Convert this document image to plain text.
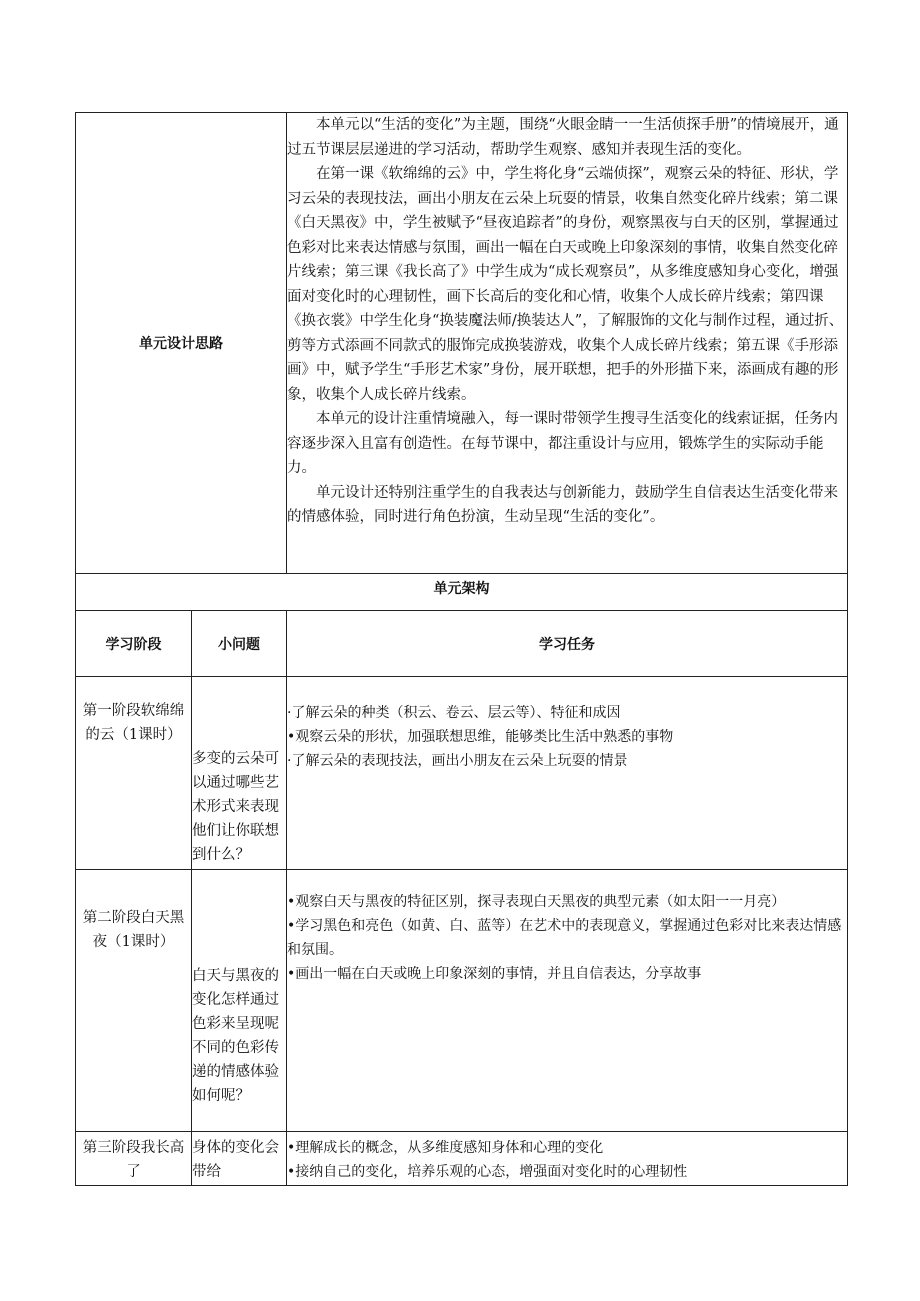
单元设计思路		本单元以“生活的变化”为主题，围绕“火眼金睛一一生活侦探手册”的情境展开，通过五节课层层递进的学习活动，帮助学生观察、感知并表现生活的变化。

在第一课《软绵绵的云》中，学生将化身“云端侦探”，观察云朵的特征、形状，学习云朵的表现技法，画出小朋友在云朵上玩耍的情景，收集自然变化碎片线索；第二课《白天黑夜》中，学生被赋予“昼夜追踪者”的身份，观察黑夜与白天的区别，掌握通过色彩对比来表达情感与氛围，画出一幅在白天或晚上印象深刻的事情，收集自然变化碎片线索；第三课《我长高了》中学生成为“成长观察员”，从多维度感知身心变化，增强面对变化时的心理韧性，画下长高后的变化和心情，收集个人成长碎片线索；第四课《换衣裳》中学生化身“换装魔法师/换装达人”，了解服饰的文化与制作过程，通过折、剪等方式添画不同款式的服饰完成换装游戏，收集个人成长碎片线索；第五课《手形添画》中，赋予学生“手形艺术家”身份，展开联想，把手的外形描下来，添画成有趣的形象，收集个人成长碎片线索。

本单元的设计注重情境融入，每一课时带领学生搜寻生活变化的线索证据，任务内容逐步深入且富有创造性。在每节课中，都注重设计与应用，锻炼学生的实际动手能力。

单元设计还特别注重学生的自我表达与创新能力，鼓励学生自信表达生活变化带来的情感体验，同时进行角色扮演，生动呈现“生活的变化”。

单元架构		
学习阶段	小问题	学习任务
第一阶段软绵绵的云（1课时）	多变的云朵可以通过哪些艺术形式来表现他们让你联想到什么？	·了解云朵的种类（积云、卷云、层云等）、特征和成因
•观察云朵的形状，加强联想思维，能够类比生活中熟悉的事物
·了解云朵的表现技法，画出小朋友在云朵上玩耍的情景

第二阶段白天黑夜（1课时）	白天与黑夜的变化怎样通过色彩来呈现呢不同的色彩传递的情感体验如何呢？	•观察白天与黑夜的特征区别，探寻表现白天黑夜的典型元素（如太阳一一月亮）
•学习黑色和亮色（如黄、白、蓝等）在艺术中的表现意义，掌握通过色彩对比来表达情感和氛围。
•画出一幅在白天或晚上印象深刻的事情，并且自信表达，分享故事

第三阶段我长高了	身体的变化会带给	•理解成长的概念，从多维度感知身体和心理的变化
•接纳自己的变化，培养乐观的心态，增强面对变化时的心理韧性
